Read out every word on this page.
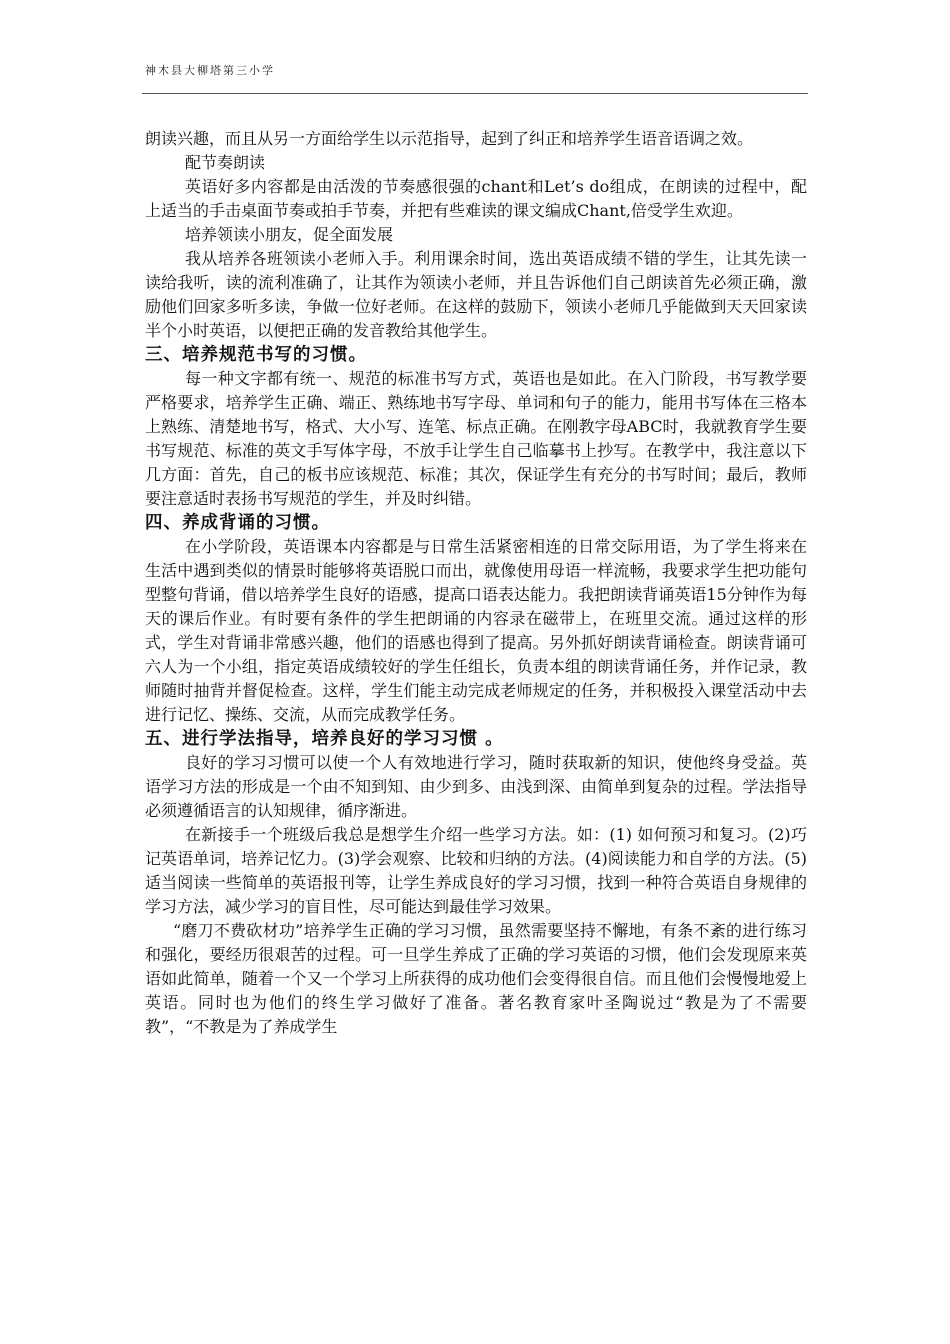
神木县大柳塔第三小学

朗读兴趣，而且从另一方面给学生以示范指导，起到了纠正和培养学生语音语调之效。

配节奏朗读

英语好多内容都是由活泼的节奏感很强的chant和Let’s do组成，在朗读的过程中，配上适当的手击桌面节奏或拍手节奏，并把有些难读的课文编成Chant,倍受学生欢迎。

培养领读小朋友，促全面发展

我从培养各班领读小老师入手。利用课余时间，选出英语成绩不错的学生，让其先读一读给我听，读的流利准确了，让其作为领读小老师，并且告诉他们自己朗读首先必须正确，激励他们回家多听多读，争做一位好老师。在这样的鼓励下，领读小老师几乎能做到天天回家读半个小时英语，以便把正确的发音教给其他学生。

三、培养规范书写的习惯。

每一种文字都有统一、规范的标准书写方式，英语也是如此。在入门阶段，书写教学要严格要求，培养学生正确、端正、熟练地书写字母、单词和句子的能力，能用书写体在三格本上熟练、清楚地书写，格式、大小写、连笔、标点正确。在刚教字母ABC时，我就教育学生要书写规范、标准的英文手写体字母，不放手让学生自己临摹书上抄写。在教学中，我注意以下几方面：首先，自己的板书应该规范、标准；其次，保证学生有充分的书写时间；最后，教师要注意适时表扬书写规范的学生，并及时纠错。

四、养成背诵的习惯。

在小学阶段，英语课本内容都是与日常生活紧密相连的日常交际用语，为了学生将来在生活中遇到类似的情景时能够将英语脱口而出，就像使用母语一样流畅，我要求学生把功能句型整句背诵，借以培养学生良好的语感，提高口语表达能力。我把朗读背诵英语15分钟作为每天的课后作业。有时要有条件的学生把朗诵的内容录在磁带上，在班里交流。通过这样的形式，学生对背诵非常感兴趣，他们的语感也得到了提高。另外抓好朗读背诵检查。朗读背诵可六人为一个小组，指定英语成绩较好的学生任组长，负责本组的朗读背诵任务，并作记录，教师随时抽背并督促检查。这样，学生们能主动完成老师规定的任务，并积极投入课堂活动中去进行记忆、操练、交流，从而完成教学任务。

五、进行学法指导，培养良好的学习习惯 。

良好的学习习惯可以使一个人有效地进行学习，随时获取新的知识，使他终身受益。英语学习方法的形成是一个由不知到知、由少到多、由浅到深、由简单到复杂的过程。学法指导必须遵循语言的认知规律，循序渐进。

在新接手一个班级后我总是想学生介绍一些学习方法。如：(1) 如何预习和复习。(2)巧记英语单词，培养记忆力。(3)学会观察、比较和归纳的方法。(4)阅读能力和自学的方法。(5) 适当阅读一些简单的英语报刊等，让学生养成良好的学习习惯，找到一种符合英语自身规律的学习方法，减少学习的盲目性，尽可能达到最佳学习效果。

“磨刀不费砍材功”培养学生正确的学习习惯，虽然需要坚持不懈地，有条不紊的进行练习和强化，要经历很艰苦的过程。可一旦学生养成了正确的学习英语的习惯，他们会发现原来英语如此简单，随着一个又一个学习上所获得的成功他们会变得很自信。而且他们会慢慢地爱上英语。同时也为他们的终生学习做好了准备。著名教育家叶圣陶说过“教是为了不需要教”，“不教是为了养成学生
